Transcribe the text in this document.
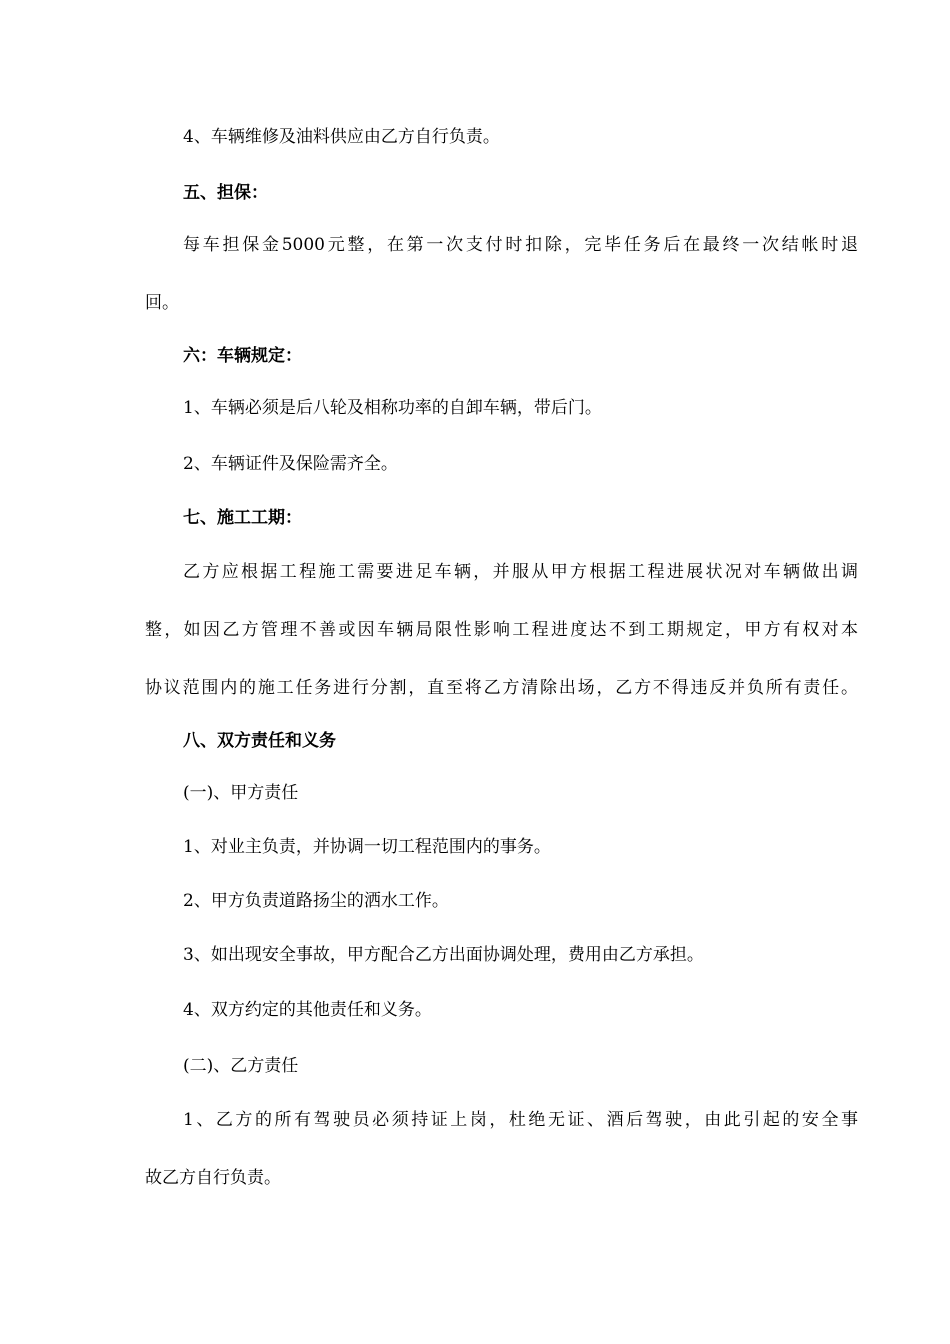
4、车辆维修及油料供应由乙方自行负责。
五、担保：
每车担保金5000元整，在第一次支付时扣除，完毕任务后在最终一次结帐时退
回。
六：车辆规定：
1、车辆必须是后八轮及相称功率的自卸车辆，带后门。
2、车辆证件及保险需齐全。
七、施工工期：
乙方应根据工程施工需要进足车辆，并服从甲方根据工程进展状况对车辆做出调
整，如因乙方管理不善或因车辆局限性影响工程进度达不到工期规定，甲方有权对本
协议范围内的施工任务进行分割，直至将乙方清除出场，乙方不得违反并负所有责任。
八、双方责任和义务
(一)、甲方责任
1、对业主负责，并协调一切工程范围内的事务。
2、甲方负责道路扬尘的洒水工作。
3、如出现安全事故，甲方配合乙方出面协调处理，费用由乙方承担。
4、双方约定的其他责任和义务。
(二)、乙方责任
1、乙方的所有驾驶员必须持证上岗，杜绝无证、酒后驾驶，由此引起的安全事
故乙方自行负责。
